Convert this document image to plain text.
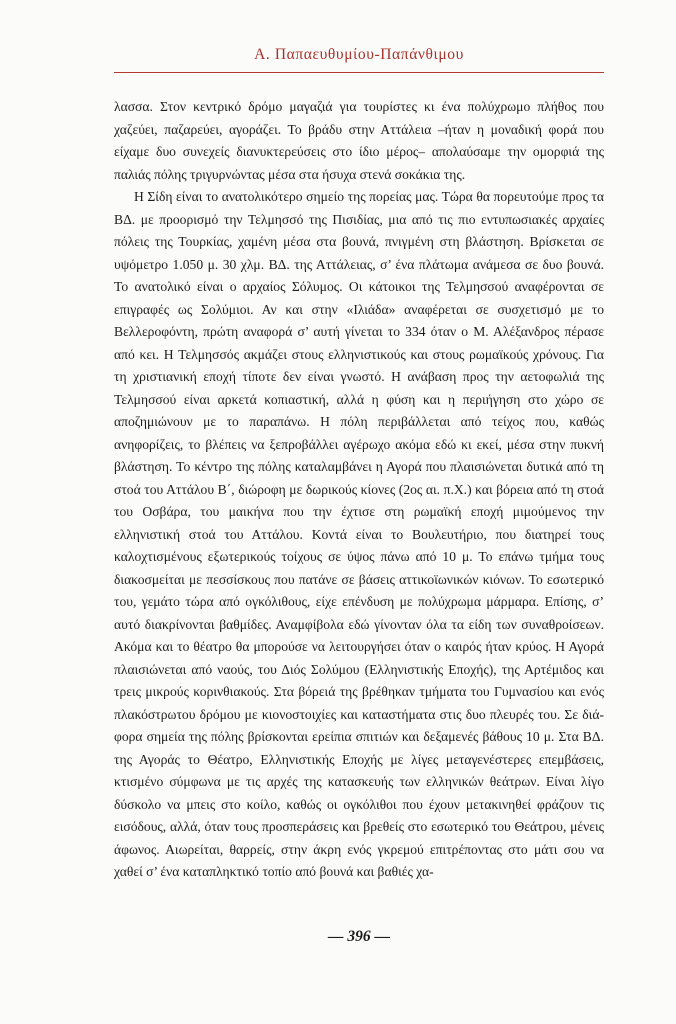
Α. Παπαευθυμίου-Παπάνθιμου

λασσα. Στον κεντρικό δρόμο μαγαζιά για τουρίστες κι ένα πολύχρωμο πλήθος που χαζεύει, παζαρεύει, αγοράζει. Το βράδυ στην Αττάλεια –ήταν η μοναδική φορά που είχαμε δυο συνεχείς διανυκτερεύσεις στο ίδιο μέρος– απολαύσαμε την ομορφιά της παλιάς πόλης τριγυρνώντας μέσα στα ήσυχα στενά σοκάκια της.

Η Σίδη είναι το ανατολικότερο σημείο της πορείας μας. Τώρα θα πορευτούμε προς τα ΒΔ. με προορισμό την Τελμησσό της Πισιδίας, μια από τις πιο εντυπωσιακές αρχαίες πόλεις της Τουρκίας, χαμένη μέσα στα βουνά, πνιγμένη στη βλάστηση. Βρίσκεται σε υψόμετρο 1.050 μ. 30 χλμ. ΒΔ. της Αττάλειας, σ’ ένα πλάτωμα ανάμεσα σε δυο βουνά. Το ανατολικό είναι ο αρχαίος Σόλυμος. Οι κάτοικοι της Τελμησσού αναφέρονται σε επιγραφές ως Σολύμιοι. Αν και στην «Ιλιάδα» αναφέρεται σε συσχετισμό με το Βελλεροφόντη, πρώτη αναφορά σ’ αυτή γίνεται το 334 όταν ο Μ. Αλέξανδρος πέρασε από κει. Η Τελμησσός ακμάζει στους ελληνιστικούς και στους ρωμαϊκούς χρόνους. Για τη χριστιανική εποχή τίποτε δεν είναι γνωστό. Η ανάβαση προς την αετοφωλιά της Τελμησσού είναι αρκετά κοπιαστική, αλλά η φύση και η περιήγηση στο χώρο σε αποζημιώνουν με το παραπάνω. Η πόλη περιβάλλεται από τείχος που, καθώς ανηφορίζεις, το βλέπεις να ξεπροβάλλει αγέρωχο ακόμα εδώ κι εκεί, μέσα στην πυκνή βλάστηση. Το κέντρο της πόλης καταλαμβάνει η Αγορά που πλαισιώνεται δυτικά από τη στοά του Αττάλου Β΄, διώροφη με δωρικούς κίονες (2ος αι. π.Χ.) και βόρεια από τη στοά του Οσβάρα, του μαικήνα που την έχτισε στη ρωμαϊκή εποχή μιμούμενος την ελληνιστική στοά του Αττάλου. Κοντά είναι το Βουλευτήριο, που διατηρεί τους καλοχτισμένους εξωτερικούς τοίχους σε ύψος πάνω από 10 μ. Το επάνω τμήμα τους διακοσμείται με πεσσίσκους που πατάνε σε βάσεις αττικοϊωνικών κιόνων. Το εσωτερικό του, γεμάτο τώρα από ογκόλιθους, είχε επένδυση με πολύχρωμα μάρμαρα. Επίσης, σ’ αυτό διακρίνονται βαθμίδες. Αναμφίβολα εδώ γίνονταν όλα τα είδη των συναθροίσεων. Ακόμα και το θέατρο θα μπορούσε να λειτουργήσει όταν ο καιρός ήταν κρύος. Η Αγορά πλαισιώνεται από ναούς, του Διός Σολύμου (Ελληνιστικής Εποχής), της Αρτέμιδος και τρεις μικρούς κορινθιακούς. Στα βόρειά της βρέθηκαν τμήματα του Γυμνασίου και ενός πλακόστρωτου δρόμου με κιονοστοιχίες και καταστήματα στις δυο πλευρές του. Σε διάφορα σημεία της πόλης βρίσκονται ερείπια σπιτιών και δεξαμενές βάθους 10 μ. Στα ΒΔ. της Αγοράς το Θέατρο, Ελληνιστικής Εποχής με λίγες μεταγενέστερες επεμβάσεις, κτισμένο σύμφωνα με τις αρχές της κατασκευής των ελληνικών θεάτρων. Είναι λίγο δύσκολο να μπεις στο κοίλο, καθώς οι ογκόλιθοι που έχουν μετακινηθεί φράζουν τις εισόδους, αλλά, όταν τους προσπεράσεις και βρεθείς στο εσωτερικό του Θεάτρου, μένεις άφωνος. Αιωρείται, θαρρείς, στην άκρη ενός γκρεμού επιτρέποντας στο μάτι σου να χαθεί σ’ ένα καταπληκτικό τοπίο από βουνά και βαθιές χα-

— 396 —
